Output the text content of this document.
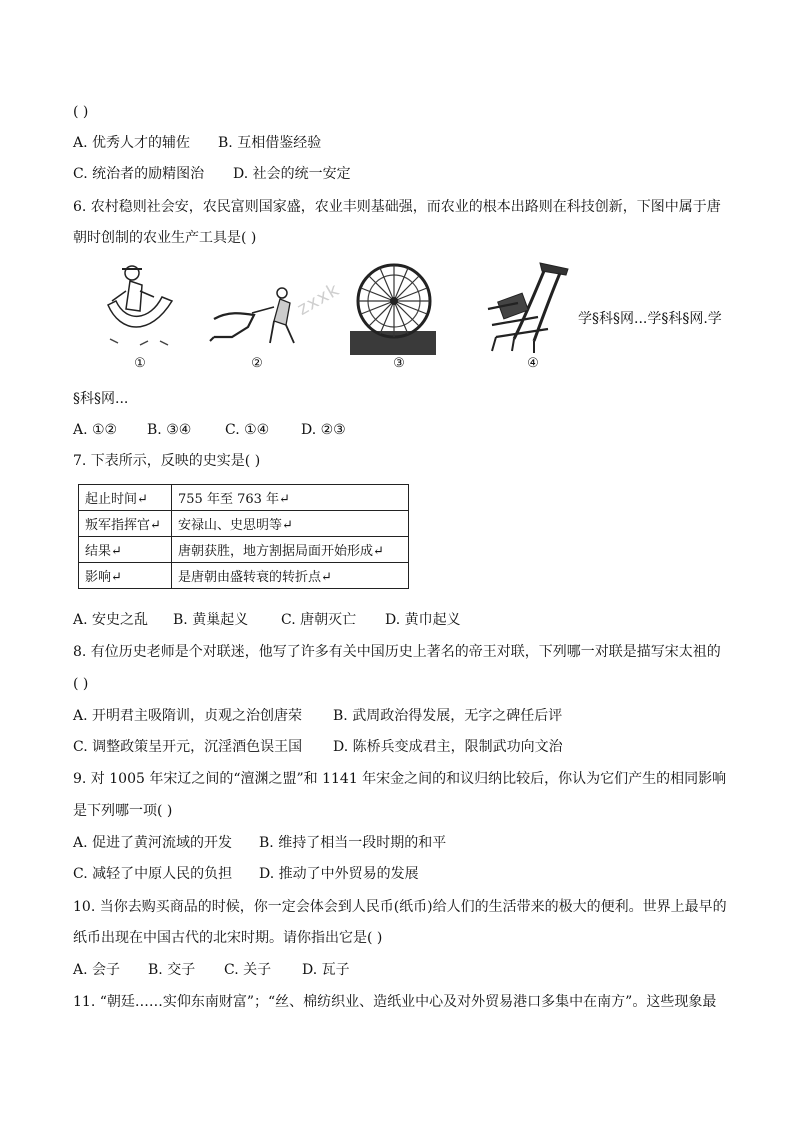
( )
A. 优秀人才的辅佐 B. 互相借鉴经验
C. 统治者的励精图治 D. 社会的统一安定
6. 农村稳则社会安，农民富则国家盛，农业丰则基础强，而农业的根本出路则在科技创新，下图中属于唐
朝时创制的农业生产工具是( )
zxxk
①	②	③	④
学§科§网...学§科§网.学
§科§网...
A. ①② B. ③④ C. ①④ D. ②③
7. 下表所示，反映的史实是( )
起止时间↵	755 年至 763 年↵
叛军指挥官↵	安禄山、史思明等↵
结果↵	唐朝获胜，地方割据局面开始形成↵
影响↵	是唐朝由盛转衰的转折点↵
A. 安史之乱 B. 黄巢起义 C. 唐朝灭亡 D. 黄巾起义
8. 有位历史老师是个对联迷，他写了许多有关中国历史上著名的帝王对联，下列哪一对联是描写宋太祖的
( )
A. 开明君主吸隋训，贞观之治创唐荣 B. 武周政治得发展，无字之碑任后评
C. 调整政策呈开元，沉淫酒色误王国 D. 陈桥兵变成君主，限制武功向文治
9. 对 1005 年宋辽之间的“澶渊之盟”和 1141 年宋金之间的和议归纳比较后，你认为它们产生的相同影响
是下列哪一项( )
A. 促进了黄河流域的开发 B. 维持了相当一段时期的和平
C. 减轻了中原人民的负担 D. 推动了中外贸易的发展
10. 当你去购买商品的时候，你一定会体会到人民币(纸币)给人们的生活带来的极大的便利。世界上最早的
纸币出现在中国古代的北宋时期。请你指出它是( )
A. 会子 B. 交子 C. 关子 D. 瓦子
11. “朝廷……实仰东南财富”；“丝、棉纺织业、造纸业中心及对外贸易港口多集中在南方”。这些现象最
